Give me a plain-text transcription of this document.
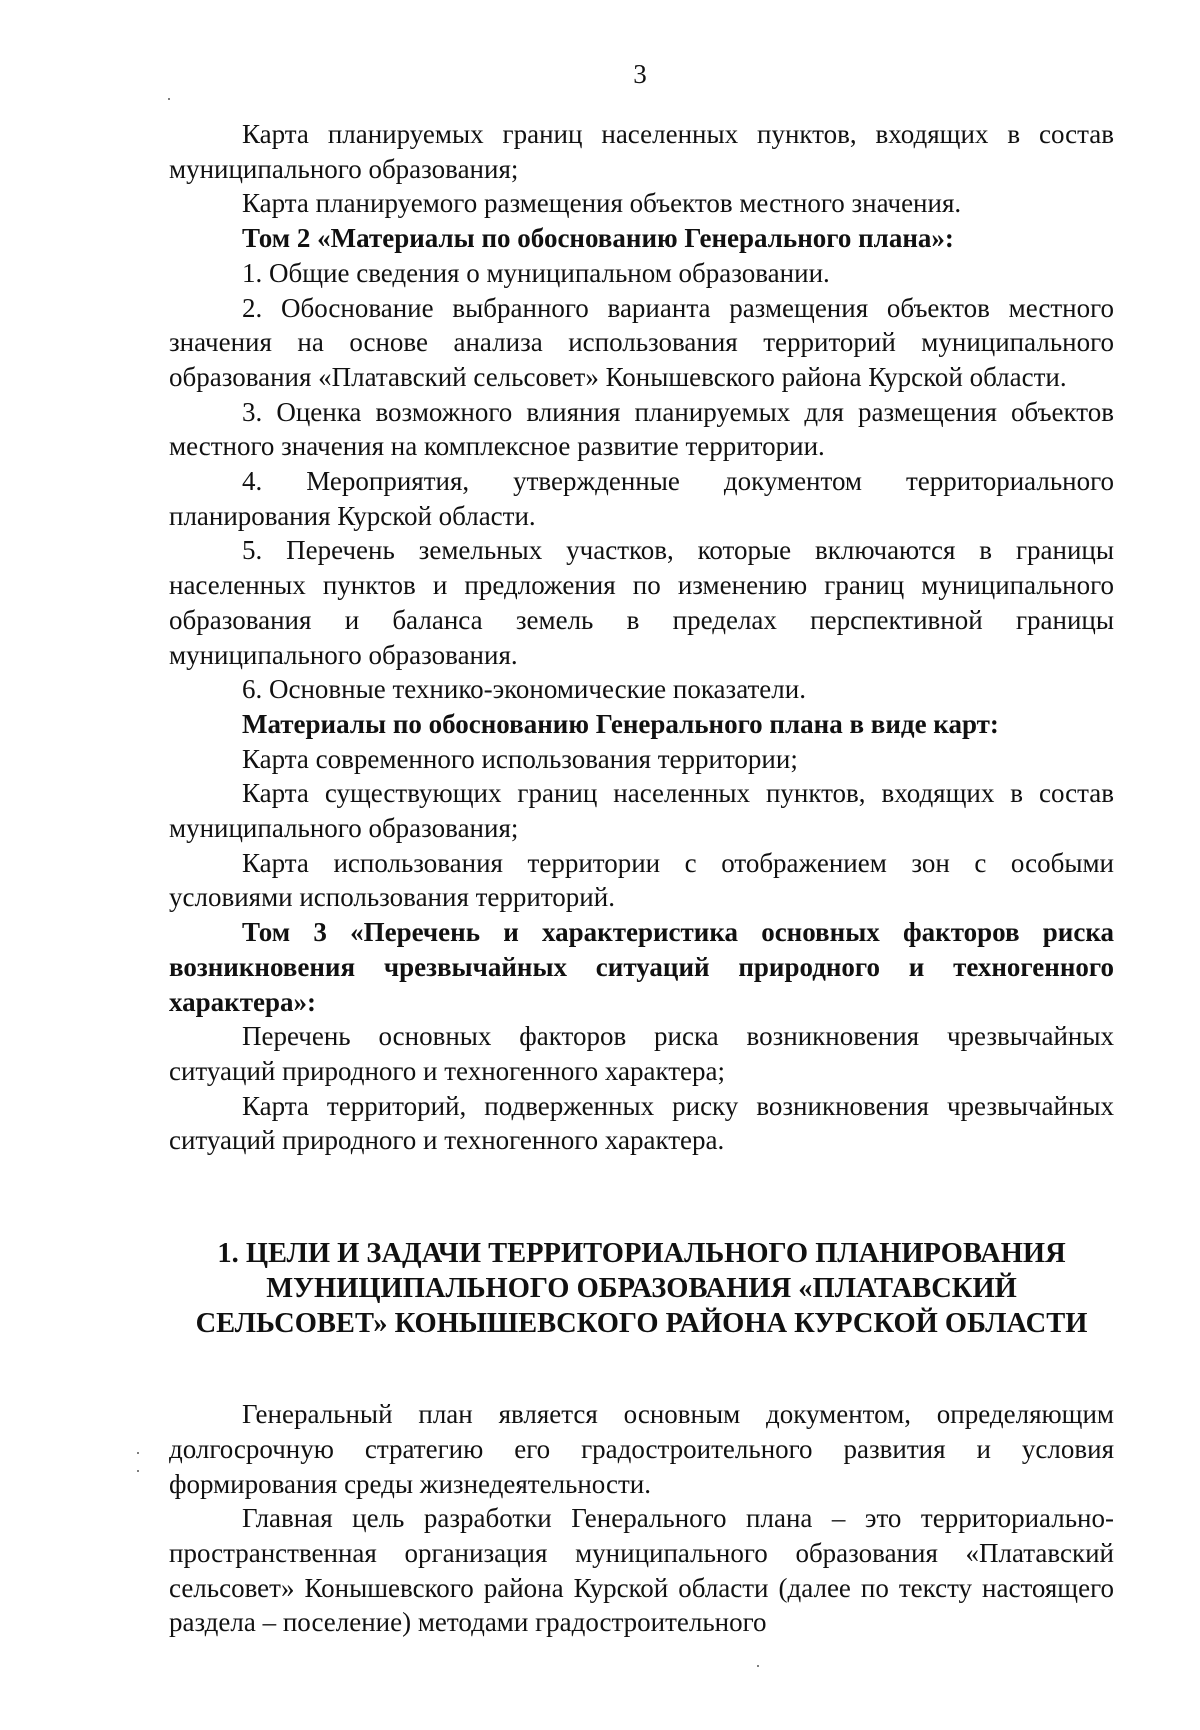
3

Карта планируемых границ населенных пунктов, входящих в состав муниципального образования;

Карта планируемого размещения объектов местного значения.

Том 2 «Материалы по обоснованию Генерального плана»:

1. Общие сведения о муниципальном образовании.

2. Обоснование выбранного варианта размещения объектов местного значения на основе анализа использования территорий муниципального образования «Платавский сельсовет» Конышевского района Курской области.

3. Оценка возможного влияния планируемых для размещения объектов местного значения на комплексное развитие территории.

4. Мероприятия, утвержденные документом территориального планирования Курской области.

5. Перечень земельных участков, которые включаются в границы населенных пунктов и предложения по изменению границ муниципального образования и баланса земель в пределах перспективной границы муниципального образования.

6. Основные технико-экономические показатели.

Материалы по обоснованию Генерального плана в виде карт:

Карта современного использования территории;

Карта существующих границ населенных пунктов, входящих в состав муниципального образования;

Карта использования территории с отображением зон с особыми условиями использования территорий.

Том 3 «Перечень и характеристика основных факторов риска возникновения чрезвычайных ситуаций природного и техногенного характера»:

Перечень основных факторов риска возникновения чрезвычайных ситуаций природного и техногенного характера;

Карта территорий, подверженных риску возникновения чрезвычайных ситуаций природного и техногенного характера.

1. ЦЕЛИ И ЗАДАЧИ ТЕРРИТОРИАЛЬНОГО ПЛАНИРОВАНИЯ
МУНИЦИПАЛЬНОГО ОБРАЗОВАНИЯ «ПЛАТАВСКИЙ
СЕЛЬСОВЕТ» КОНЫШЕВСКОГО РАЙОНА КУРСКОЙ ОБЛАСТИ

Генеральный план является основным документом, определяющим долгосрочную стратегию его градостроительного развития и условия формирования среды жизнедеятельности.

Главная цель разработки Генерального плана – это территориально-пространственная организация муниципального образования «Платавский сельсовет» Конышевского района Курской области (далее по тексту настоящего раздела – поселение) методами градостроительного
